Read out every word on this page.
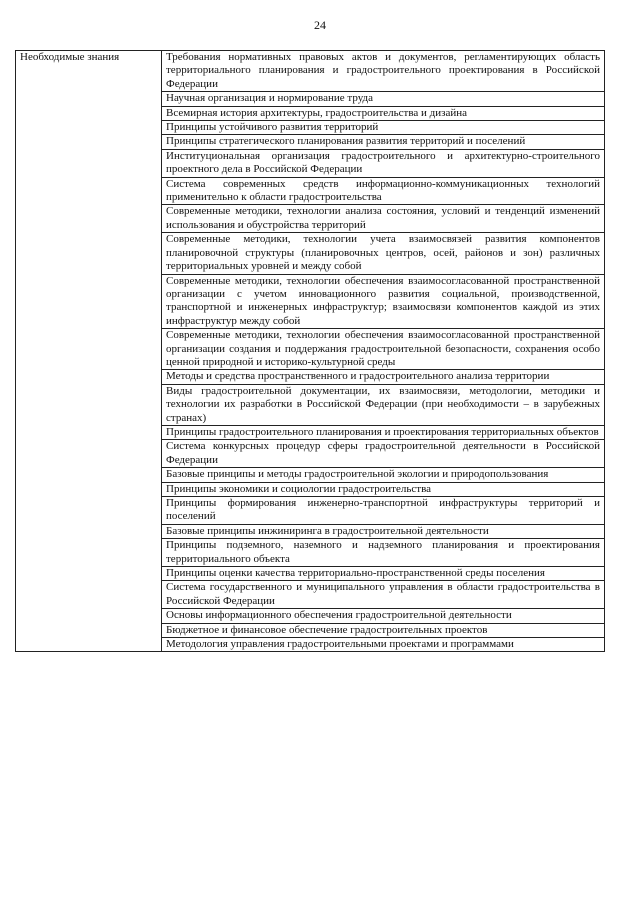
24
Необходимые знания	Требования нормативных правовых актов и документов, регламентирующих область территориального планирования и градостроительного проектирования в Российской Федерации

Научная организация и нормирование труда

Всемирная история архитектуры, градостроительства и дизайна

Принципы устойчивого развития территорий

Принципы стратегического планирования развития территорий и поселений

Институциональная организация градостроительного и архитектурно-строительного проектного дела в Российской Федерации

Система современных средств информационно-коммуникационных технологий применительно к области градостроительства

Современные методики, технологии анализа состояния, условий и тенденций изменений использования и обустройства территорий

Современные методики, технологии учета взаимосвязей развития компонентов планировочной структуры (планировочных центров, осей, районов и зон) различных территориальных уровней и между собой

Современные методики, технологии обеспечения взаимосогласованной пространственной организации с учетом инновационного развития социальной, производственной, транспортной и инженерных инфраструктур; взаимосвязи компонентов каждой из этих инфраструктур между собой

Современные методики, технологии обеспечения взаимосогласованной пространственной организации создания и поддержания градостроительной безопасности, сохранения особо ценной природной и историко-культурной среды

Методы и средства пространственного и градостроительного анализа территории

Виды градостроительной документации, их взаимосвязи, методологии, методики и технологии их разработки в Российской Федерации (при необходимости – в зарубежных странах)

Принципы градостроительного планирования и проектирования территориальных объектов

Система конкурсных процедур сферы градостроительной деятельности в Российской Федерации

Базовые принципы и методы градостроительной экологии и природопользования

Принципы экономики и социологии градостроительства

Принципы формирования инженерно-транспортной инфраструктуры территорий и поселений

Базовые принципы инжиниринга в градостроительной деятельности

Принципы подземного, наземного и надземного планирования и проектирования территориального объекта

Принципы оценки качества территориально-пространственной среды поселения

Система государственного и муниципального управления в области градостроительства в Российской Федерации

Основы информационного обеспечения градостроительной деятельности

Бюджетное и финансовое обеспечение градостроительных проектов

Методология управления градостроительными проектами и программами
